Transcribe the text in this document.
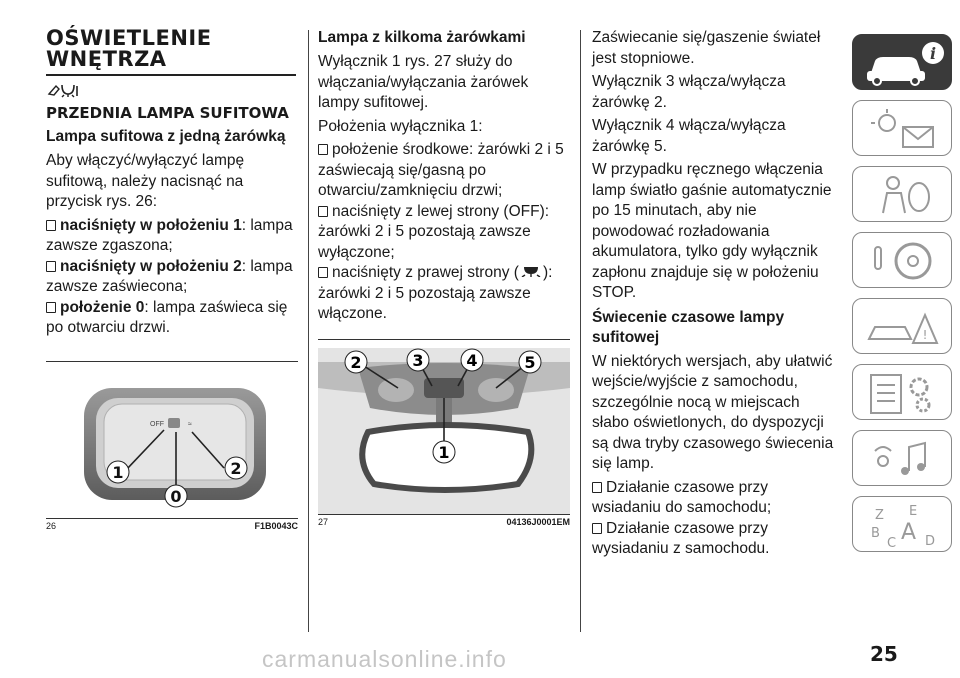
OŚWIETLENIE WNĘTRZA
PRZEDNIA LAMPA SUFITOWA
Lampa sufitowa z jedną żarówką

Aby włączyć/wyłączyć lampę sufitową, należy nacisnąć na przycisk rys. 26:

naciśnięty w położeniu 1: lampa zawsze zgaszona;
naciśnięty w położeniu 2: lampa zawsze zaświecona;
położenie 0: lampa zaświeca się po otwarciu drzwi.
OFF	≈
1	2
0
26	F1B0043C
Lampa z kilkoma żarówkami

Wyłącznik 1 rys. 27 służy do włączania/wyłączania żarówek lampy sufitowej.

Położenia wyłącznika 1:

położenie środkowe: żarówki 2 i 5 zaświecają się/gasną po otwarciu/zamknięciu drzwi;
naciśnięty z lewej strony (OFF): żarówki 2 i 5 pozostają zawsze wyłączone;
naciśnięty z prawej strony ( ): żarówki 2 i 5 pozostają zawsze włączone.
2	3	4	5
1
27	04136J0001EM

Zaświecanie się/gaszenie świateł jest stopniowe.

Wyłącznik 3 włącza/wyłącza żarówkę 2.

Wyłącznik 4 włącza/wyłącza żarówkę 5.

W przypadku ręcznego włączenia lamp światło gaśnie automatycznie po 15 minutach, aby nie powodować rozładowania akumulatora, tylko gdy wyłącznik zapłonu znajduje się w położeniu STOP.

Świecenie czasowe lampy sufitowej

W niektórych wersjach, aby ułatwić wejście/wyjście z samochodu, szczególnie nocą w miejscach słabo oświetlonych, do dyspozycji są dwa tryby czasowego świecenia się lamp.

Działanie czasowe przy wsiadaniu do samochodu;
Działanie czasowe przy wysiadaniu z samochodu.
i
!
Z E
B A
C D
25
carmanualsonline.info
